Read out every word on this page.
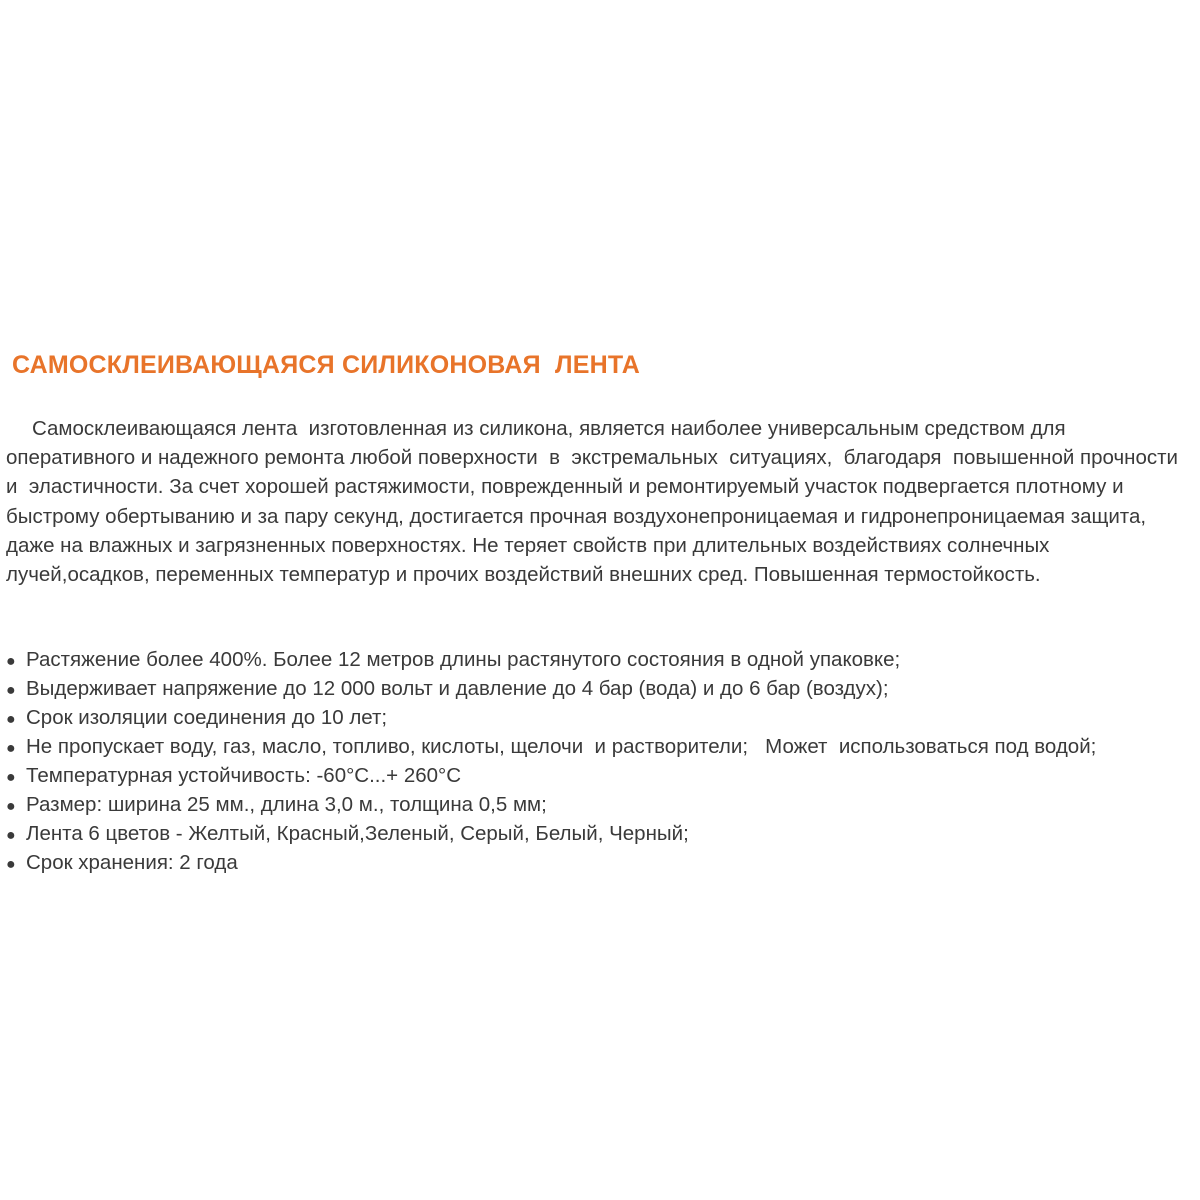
САМОСКЛЕИВАЮЩАЯСЯ СИЛИКОНОВАЯ  ЛЕНТА

Самосклеивающаяся лента  изготовленная из силикона, является наиболее универсальным средством для оперативного и надежного ремонта любой поверхности  в  экстремальных  ситуациях,  благодаря  повышенной прочности  и  эластичности. За счет хорошей растяжимости, поврежденный и ремонтируемый участок подвергается плотному и быстрому обертыванию и за пару секунд, достигается прочная воздухонепроницаемая и гидронепроницаемая защита, даже на влажных и загрязненных поверхностях. Не теряет свойств при длительных воздействиях солнечных лучей,осадков, переменных температур и прочих воздействий внешних сред. Повышенная термостойкость.

● Растяжение более 400%. Более 12 метров длины растянутого состояния в одной упаковке;
● Выдерживает напряжение до 12 000 вольт и давление до 4 бар (вода) и до 6 бар (воздух);
● Срок изоляции соединения до 10 лет;
● Не пропускает воду, газ, масло, топливо, кислоты, щелочи  и растворители;   Может  использоваться под водой;
● Температурная устойчивость: -60°C...+ 260°C
● Размер: ширина 25 мм., длина 3,0 м., толщина 0,5 мм;
● Лента 6 цветов - Желтый, Красный,Зеленый, Серый, Белый, Черный;
● Срок хранения: 2 года
